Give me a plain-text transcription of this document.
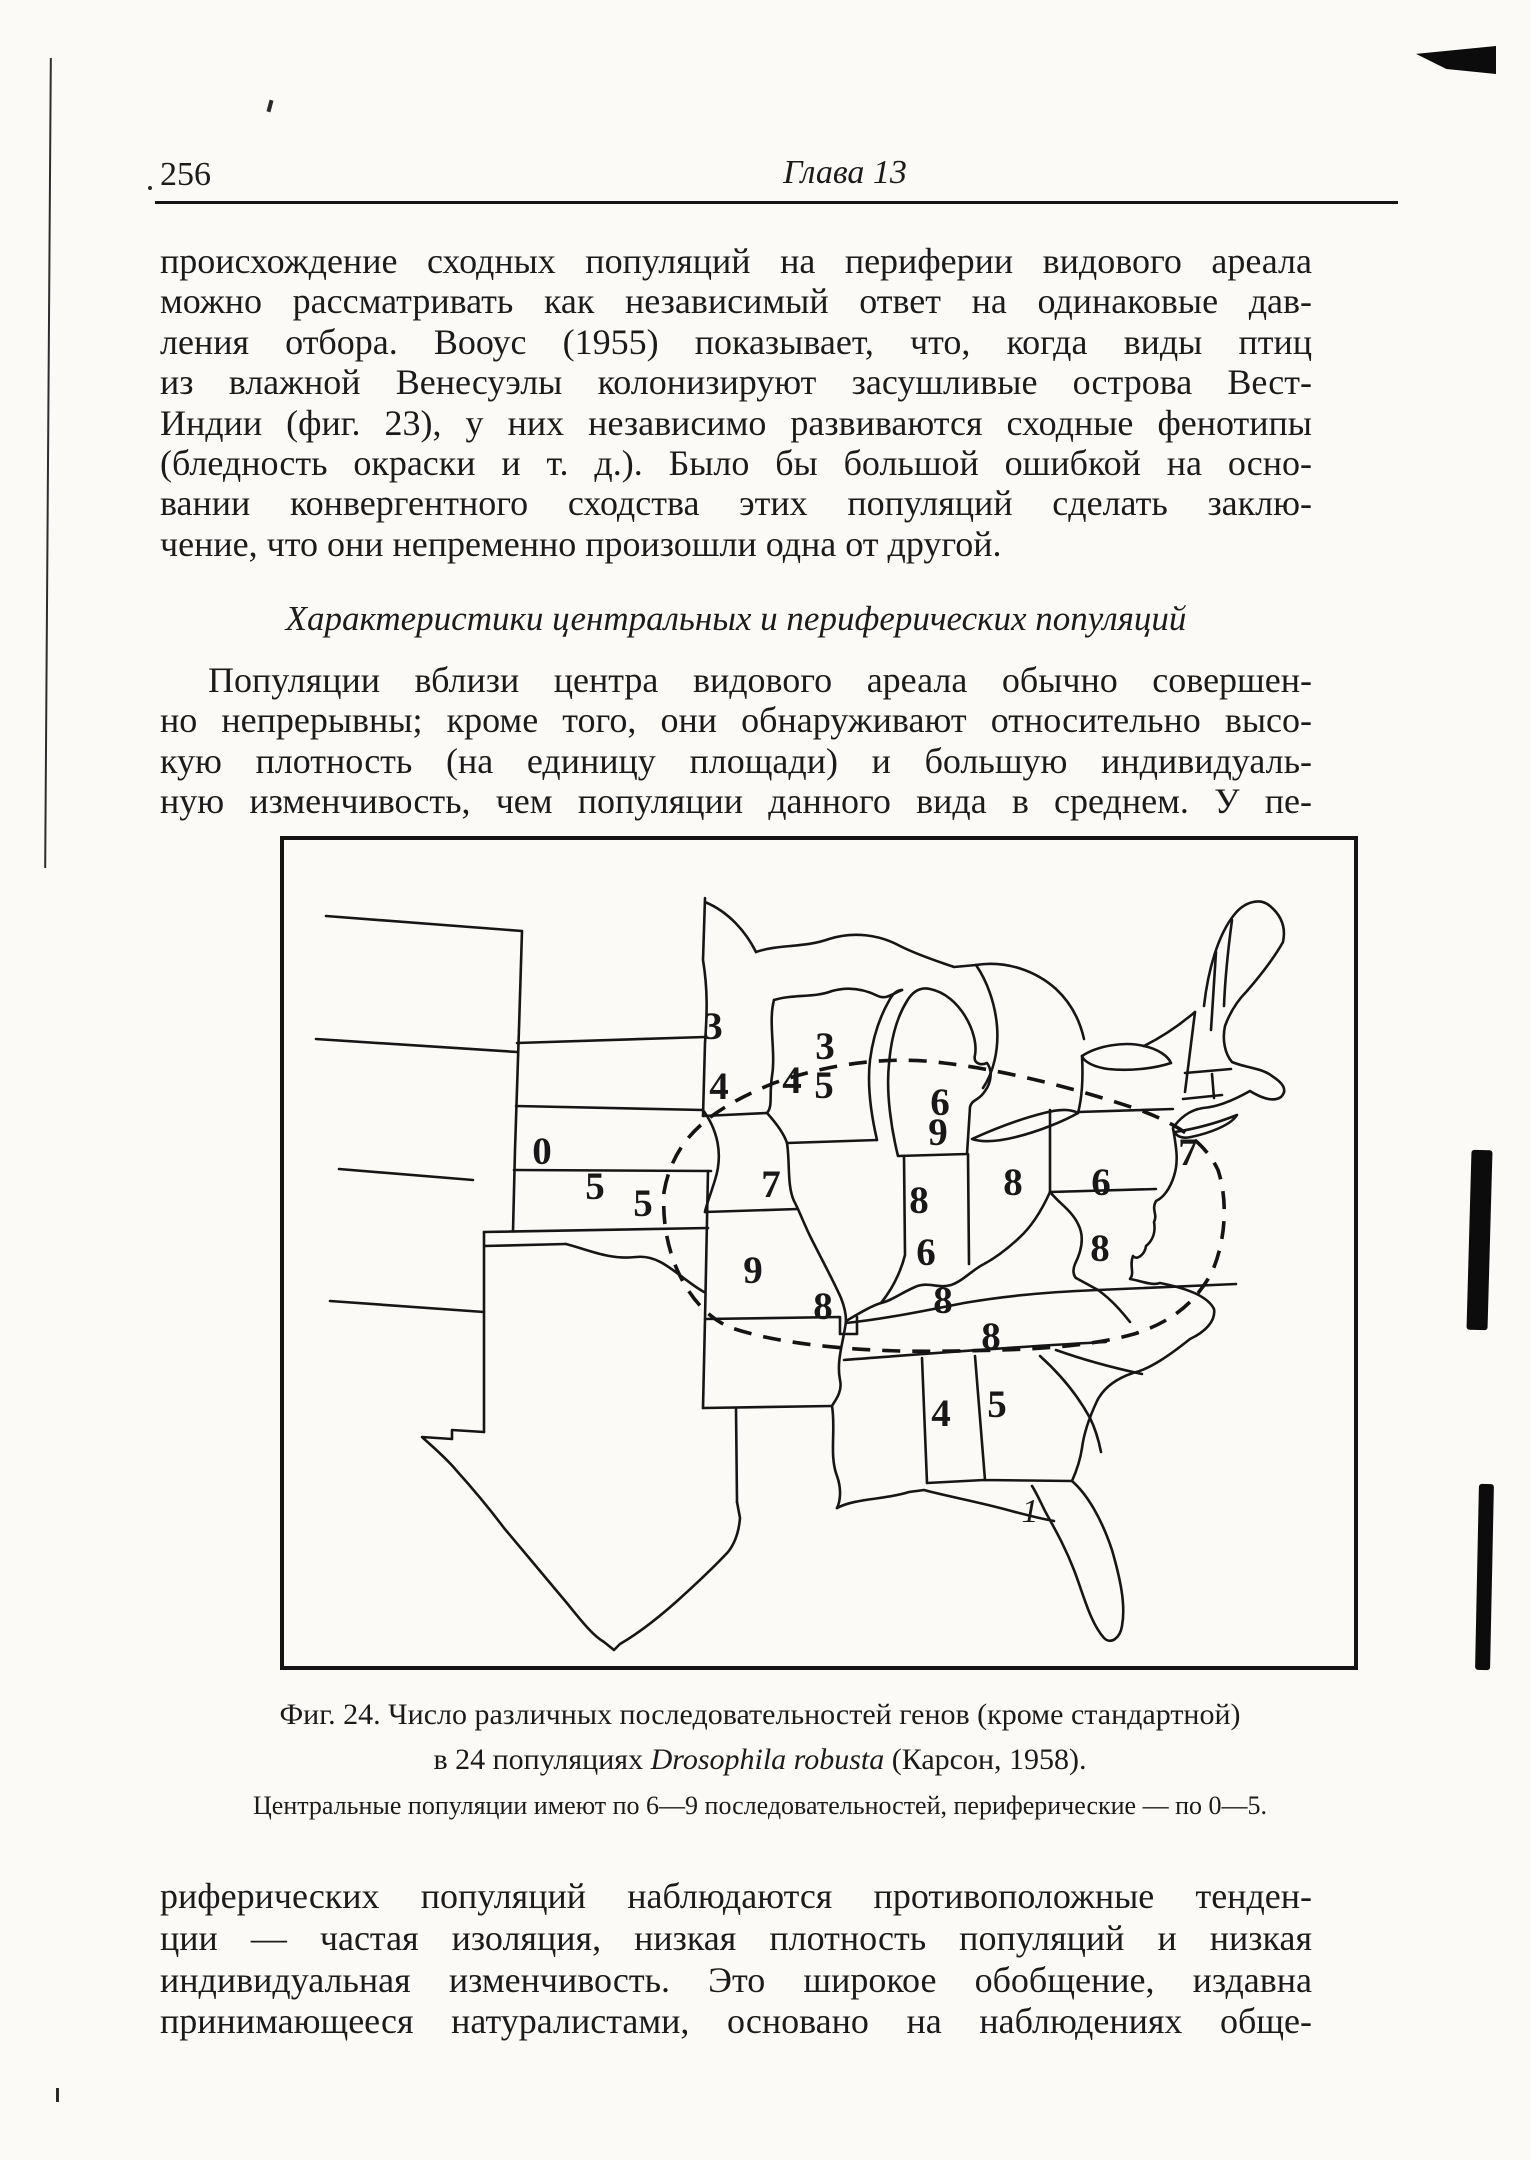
256	Глава 13
происхождение сходных популяций на периферии видового ареала
можно рассматривать как независимый ответ на одинаковые дав-
ления отбора. Вооус (1955) показывает, что, когда виды птиц
из влажной Венесуэлы колонизируют засушливые острова Вест-
Индии (фиг. 23), у них независимо развиваются сходные фенотипы
(бледность окраски и т. д.). Было бы большой ошибкой на осно-
вании конвергентного сходства этих популяций сделать заклю-
чение, что они непременно произошли одна от другой.
Характеристики центральных и периферических популяций
Популяции вблизи центра видового ареала обычно совершен-
но непрерывны; кроме того, они обнаруживают относительно высо-
кую плотность (на единицу площади) и большую индивидуаль-
ную изменчивость, чем популяции данного вида в среднем. У пе-
3
4
3
4 5 6
9
0
5 5	7
9
8
8
6
8 6
7
8
8
8
4 5
1
Фиг. 24. Число различных последовательностей генов (кроме стандартной)
в 24 популяциях Drosophila robusta (Карсон, 1958).
Центральные популяции имеют по 6—9 последовательностей, периферические — по 0—5.
риферических популяций наблюдаются противоположные тенден-
ции — частая изоляция, низкая плотность популяций и низкая
индивидуальная изменчивость. Это широкое обобщение, издавна
принимающееся натуралистами, основано на наблюдениях обще-
